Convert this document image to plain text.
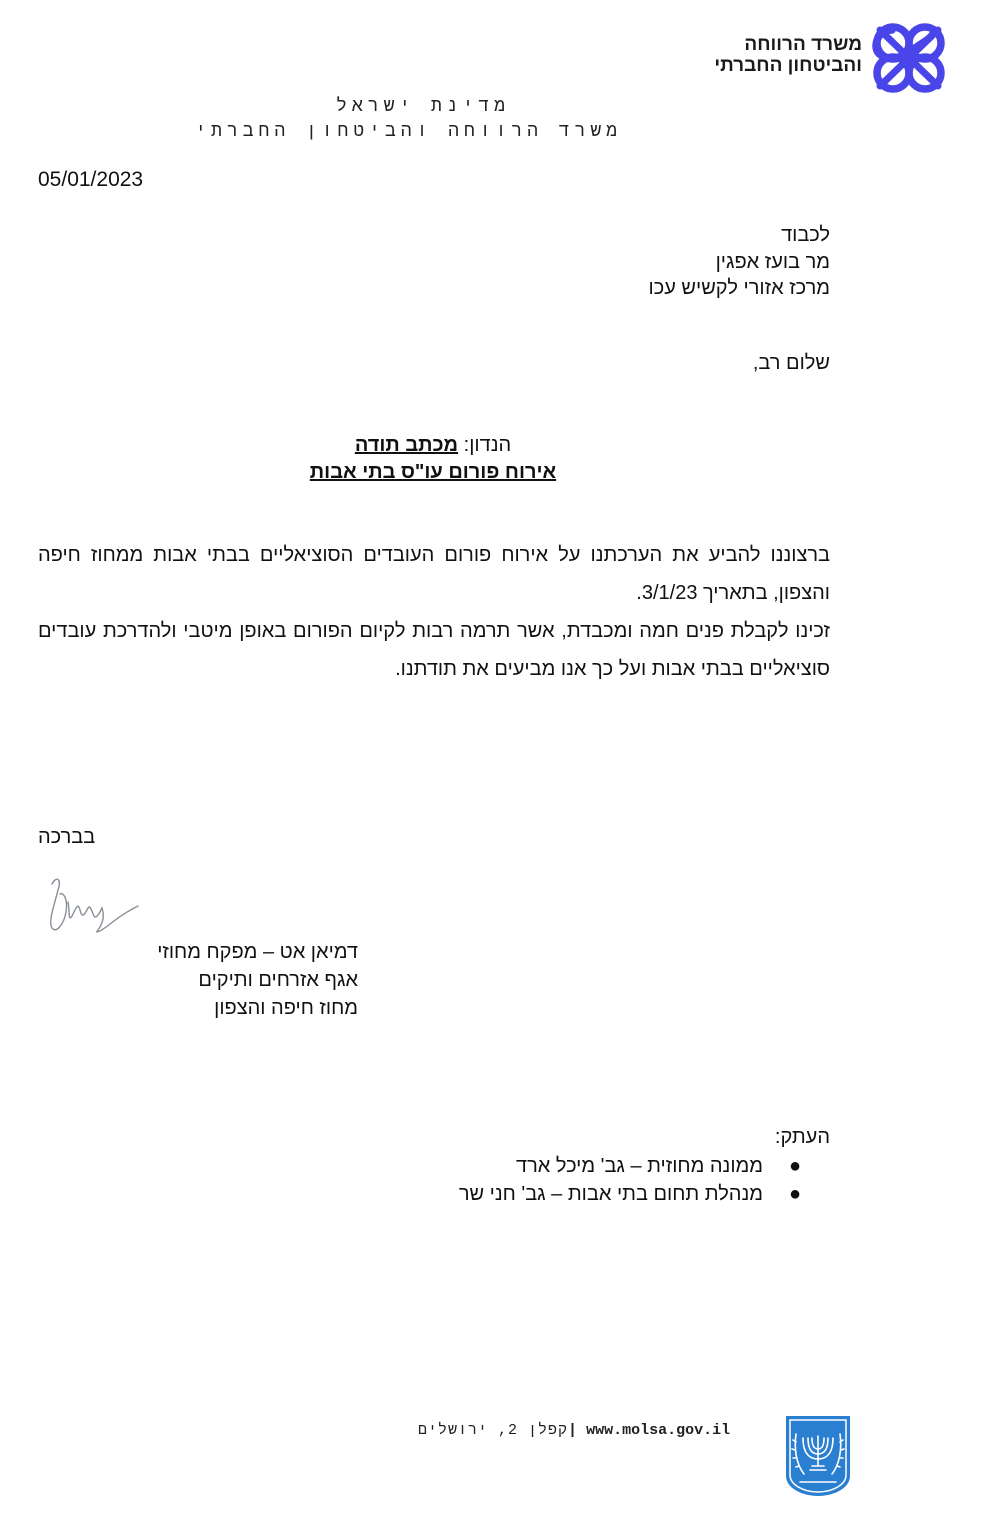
משרד הרווחה
והביטחון החברתי
מדינת ישראל
משרד הרווחה והביטחון החברתי
05/01/2023
לכבוד
מר בועז אפגין
מרכז אזורי לקשיש עכו
שלום רב,
הנדון: מכתב תודה
אירוח פורום עו"ס בתי אבות

ברצוננו להביע את הערכתנו על אירוח פורום העובדים הסוציאליים בבתי אבות ממחוז חיפה והצפון, בתאריך 3/1/23.

זכינו לקבלת פנים חמה ומכבדת, אשר תרמה רבות לקיום הפורום באופן מיטבי ולהדרכת עובדים סוציאליים בבתי אבות ועל כך אנו מביעים את תודתנו.

בברכה
דמיאן אט – מפקח מחוזי
אגף אזרחים ותיקים
מחוז חיפה והצפון
העתק:
●
ממונה מחוזית – גב' מיכל ארד
●
מנהלת תחום בתי אבות – גב' חני שר
קפלן 2, ירושלים| www.molsa.gov.il
